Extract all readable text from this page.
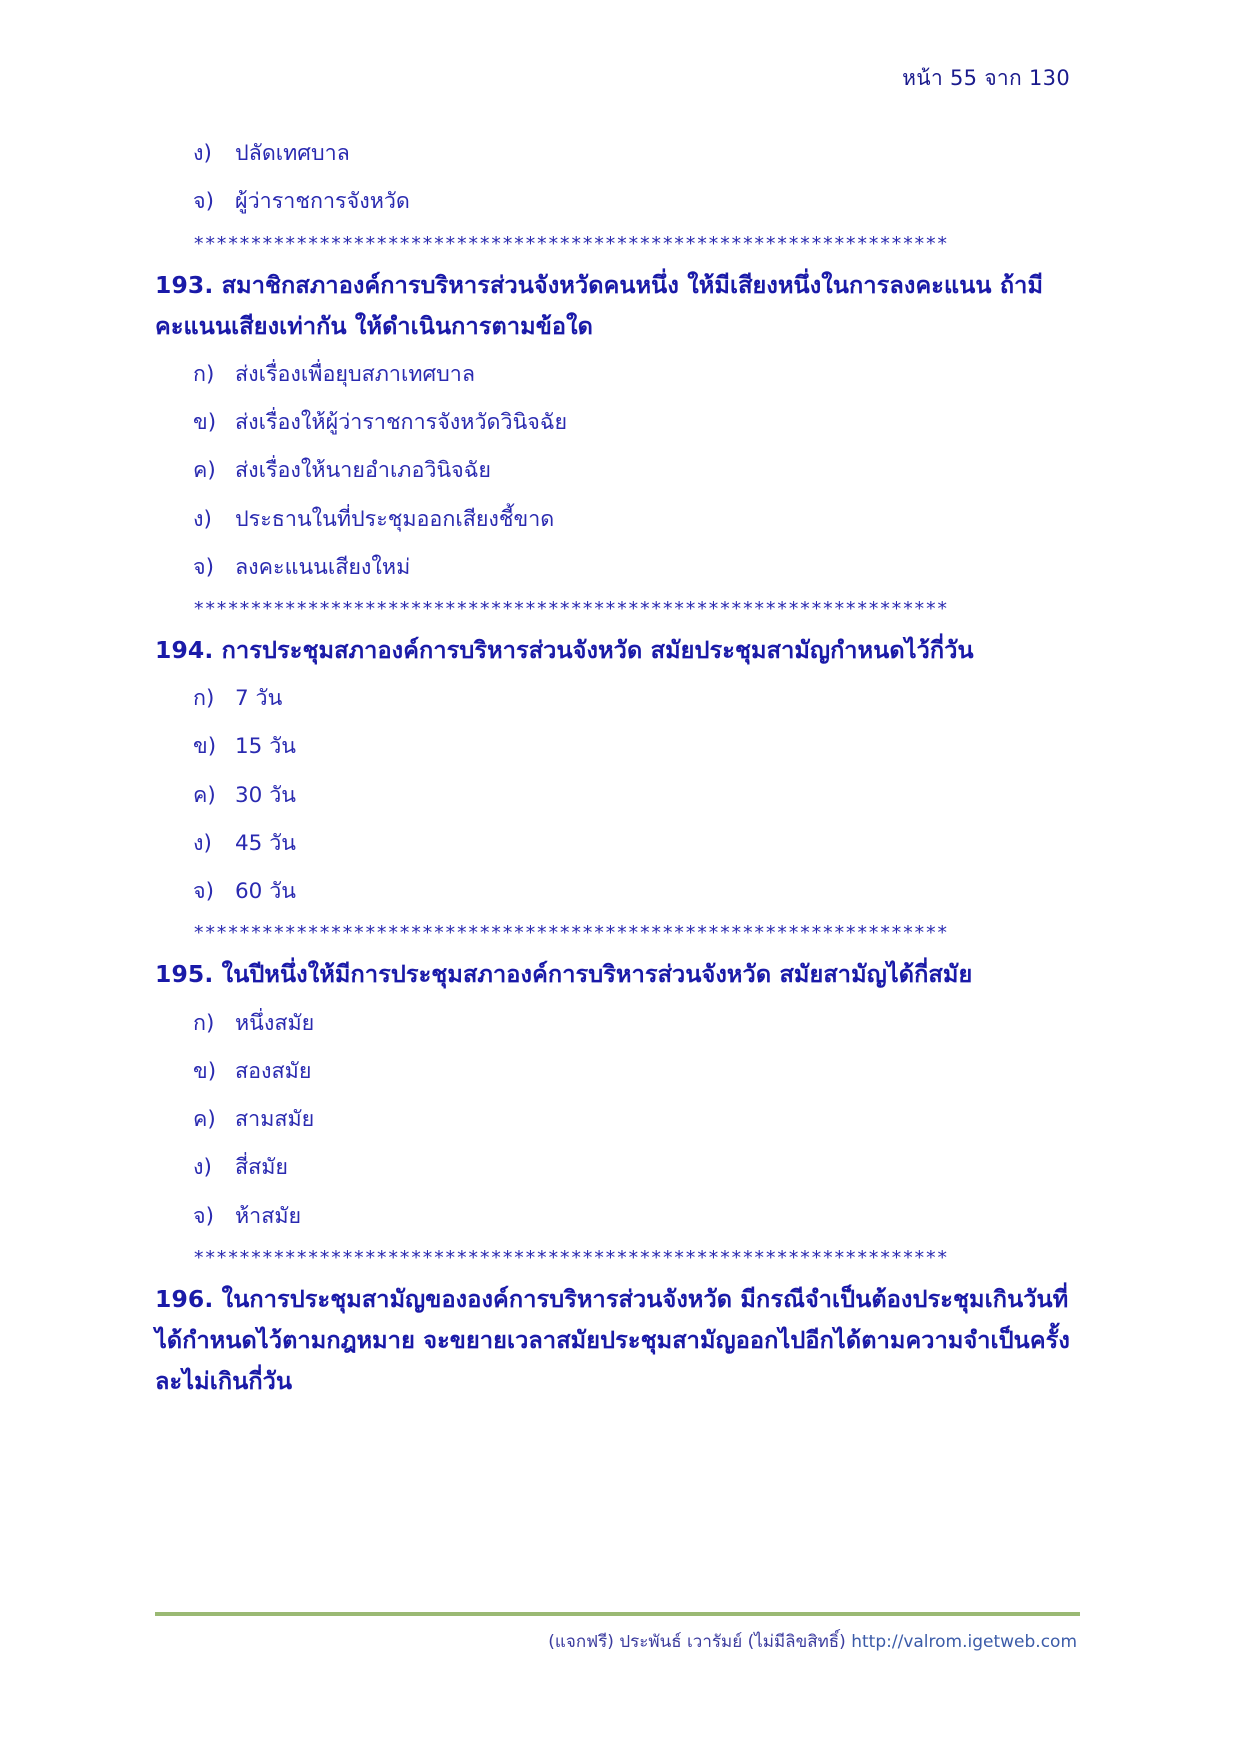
หน้า 55 จาก 130
ง)	ปลัดเทศบาล
จ) ผู้ว่าราชการจังหวัด
******************************************************************
193. สมาชิกสภาองค์การบริหารส่วนจังหวัดคนหนึ่ง ให้มีเสียงหนึ่งในการลงคะแนน ถ้ามีคะแนนเสียงเท่ากัน ให้ดำเนินการตามข้อใด
ก) ส่งเรื่องเพื่อยุบสภาเทศบาล
ข) ส่งเรื่องให้ผู้ว่าราชการจังหวัดวินิจฉัย
ค) ส่งเรื่องให้นายอำเภอวินิจฉัย
ง)	ประธานในที่ประชุมออกเสียงชี้ขาด
จ) ลงคะแนนเสียงใหม่
******************************************************************
194. การประชุมสภาองค์การบริหารส่วนจังหวัด สมัยประชุมสามัญกำหนดไว้กี่วัน
ก) 7 วัน
ข) 15 วัน
ค) 30 วัน
ง)	45 วัน
จ) 60 วัน
******************************************************************
195. ในปีหนึ่งให้มีการประชุมสภาองค์การบริหารส่วนจังหวัด สมัยสามัญได้กี่สมัย
ก) หนึ่งสมัย
ข) สองสมัย
ค) สามสมัย
ง)	สี่สมัย
จ) ห้าสมัย
******************************************************************
196. ในการประชุมสามัญขององค์การบริหารส่วนจังหวัด มีกรณีจำเป็นต้องประชุมเกินวันที่ได้กำหนดไว้ตามกฎหมาย จะขยายเวลาสมัยประชุมสามัญออกไปอีกได้ตามความจำเป็นครั้งละไม่เกินกี่วัน
(แจกฟรี) ประพันธ์ เวารัมย์ (ไม่มีลิขสิทธิ์) http://valrom.igetweb.com
